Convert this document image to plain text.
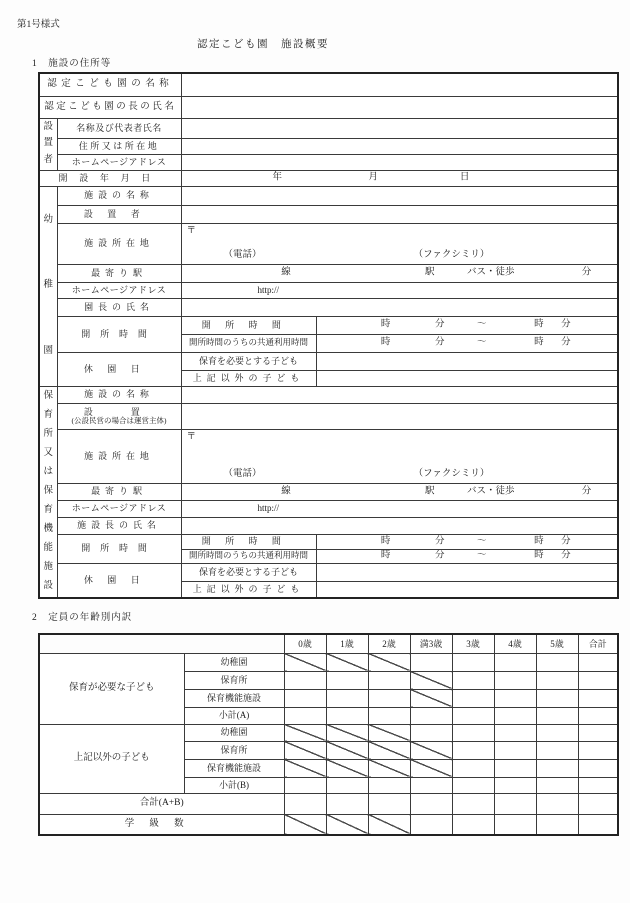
第1号様式
認定こども園　施設概要
1　施設の住所等
認定こども園の名称			
認定こども園の長の氏名			

設
置
者	名称及び代表者氏名		
	住所又は所在地		
	ホームページアドレス		
開設年月日		年 月 日	

幼
稚
園	施設の名称		
	設置者		
	施設所在地	〒
（電話） （ファクシミリ）	

	最寄り駅	線 駅 バス・徒歩 分	

	ホームページアドレス	http://	
	園長の氏名		
	開所時間	開所時間	時 分 ～ 時 分

		開所時間のうちの共通利用時間	時 分 ～ 時 分

	休園日	保育を必要とする子ども	
		上記以外の子ども	

保
育
所
又
は
保
育
機
能
施
設
	施設の名称	

	設　置
(公設民営の場合は運営主体)		

	施設所在地	〒
（電話） （ファクシミリ）	

	最寄り駅	線 駅 バス・徒歩 分	

	ホームページアドレス	http://	
	施設長の氏名		
	開所時間	開所時間	時 分 ～ 時 分

		開所時間のうちの共通利用時間	時 分 ～ 時 分

	休園日	保育を必要とする子ども	
		上記以外の子ども	
2　定員の年齢別内訳
		0歳	1歳	2歳	満3歳	3歳	4歳	5歳	合計
保育が必要な子ども	幼稚園								
	保育所								
	保育機能施設								
	小計(A)								
上記以外の子ども	幼稚園								
	保育所								
	保育機能施設								
	小計(B)								
合計(A+B)									
学級数									
